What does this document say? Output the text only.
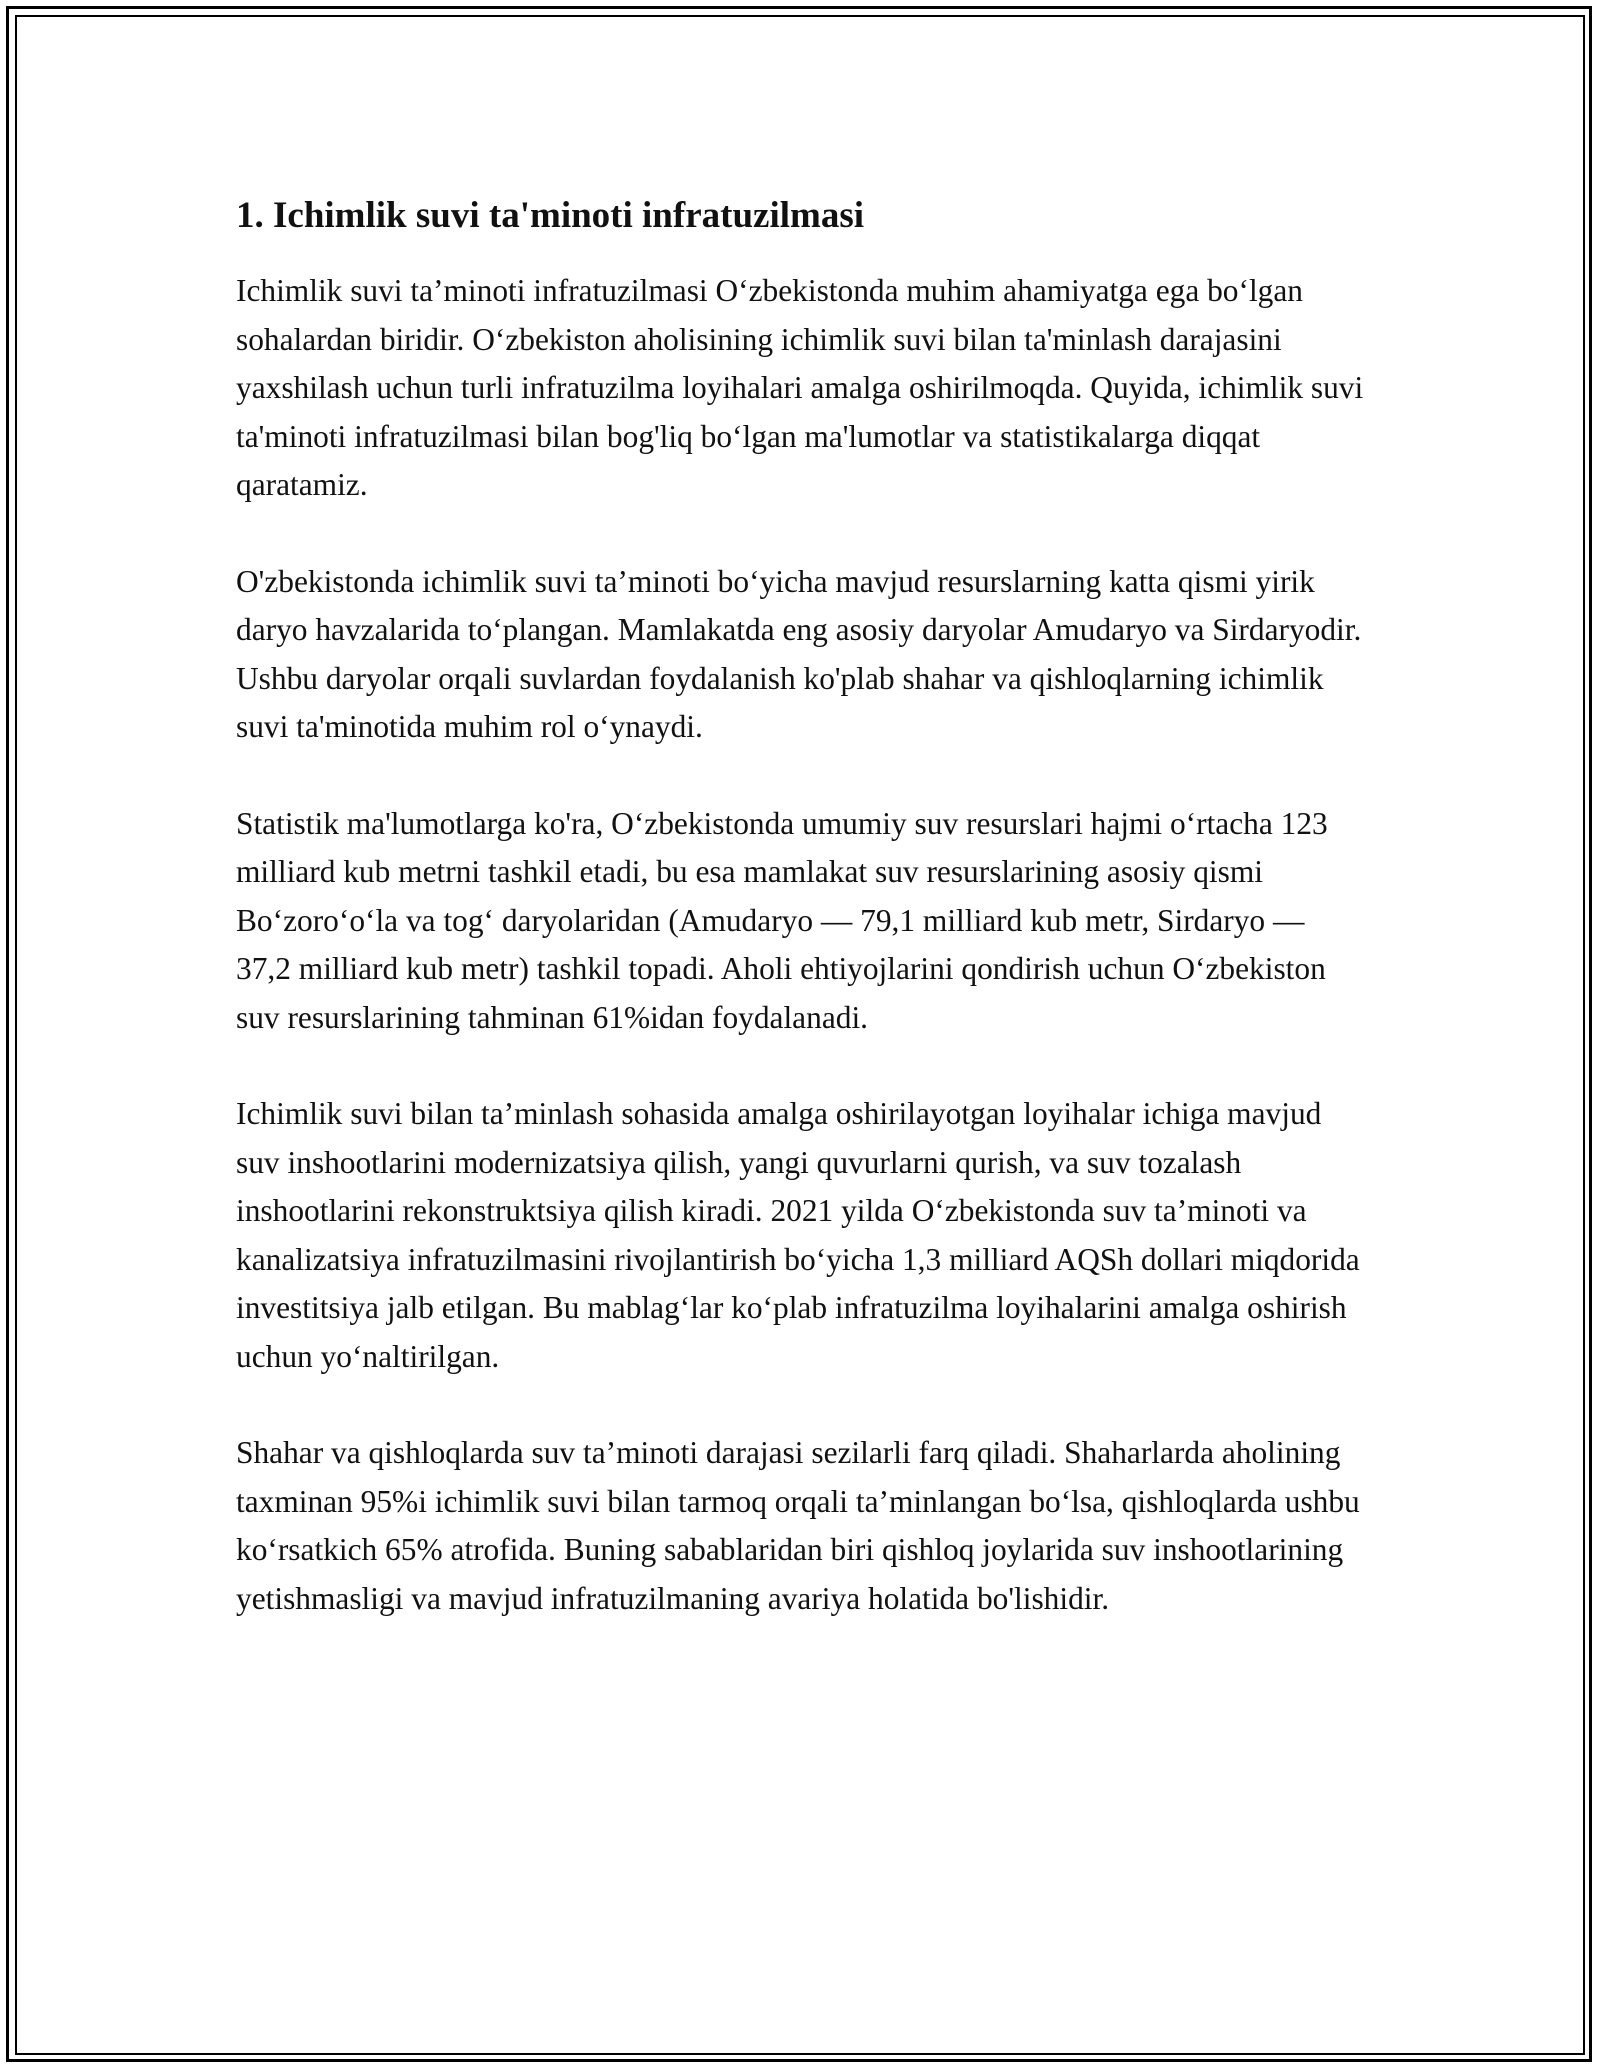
1. Ichimlik suvi ta'minoti infratuzilmasi

Ichimlik suvi ta’minoti infratuzilmasi O‘zbekistonda muhim ahamiyatga ega bo‘lgan sohalardan biridir. O‘zbekiston aholisining ichimlik suvi bilan ta'minlash darajasini yaxshilash uchun turli infratuzilma loyihalari amalga oshirilmoqda. Quyida, ichimlik suvi ta'minoti infratuzilmasi bilan bog'liq bo‘lgan ma'lumotlar va statistikalarga diqqat qaratamiz.

O'zbekistonda ichimlik suvi ta’minoti bo‘yicha mavjud resurslarning katta qismi yirik daryo havzalarida to‘plangan. Mamlakatda eng asosiy daryolar Amudaryo va Sirdaryodir. Ushbu daryolar orqali suvlardan foydalanish ko'plab shahar va qishloqlarning ichimlik suvi ta'minotida muhim rol o‘ynaydi.

Statistik ma'lumotlarga ko'ra, O‘zbekistonda umumiy suv resurslari hajmi o‘rtacha 123 milliard kub metrni tashkil etadi, bu esa mamlakat suv resurslarining asosiy qismi Bo‘zoro‘o‘la va tog‘ daryolaridan (Amudaryo — 79,1 milliard kub metr, Sirdaryo — 37,2 milliard kub metr) tashkil topadi. Aholi ehtiyojlarini qondirish uchun O‘zbekiston suv resurslarining tahminan 61%idan foydalanadi.

Ichimlik suvi bilan ta’minlash sohasida amalga oshirilayotgan loyihalar ichiga mavjud suv inshootlarini modernizatsiya qilish, yangi quvurlarni qurish, va suv tozalash inshootlarini rekonstruktsiya qilish kiradi. 2021 yilda O‘zbekistonda suv ta’minoti va kanalizatsiya infratuzilmasini rivojlantirish bo‘yicha 1,3 milliard AQSh dollari miqdorida investitsiya jalb etilgan. Bu mablag‘lar ko‘plab infratuzilma loyihalarini amalga oshirish uchun yo‘naltirilgan.

Shahar va qishloqlarda suv ta’minoti darajasi sezilarli farq qiladi. Shaharlarda aholining taxminan 95%i ichimlik suvi bilan tarmoq orqali ta’minlangan bo‘lsa, qishloqlarda ushbu ko‘rsatkich 65% atrofida. Buning sabablaridan biri qishloq joylarida suv inshootlarining yetishmasligi va mavjud infratuzilmaning avariya holatida bo'lishidir.
